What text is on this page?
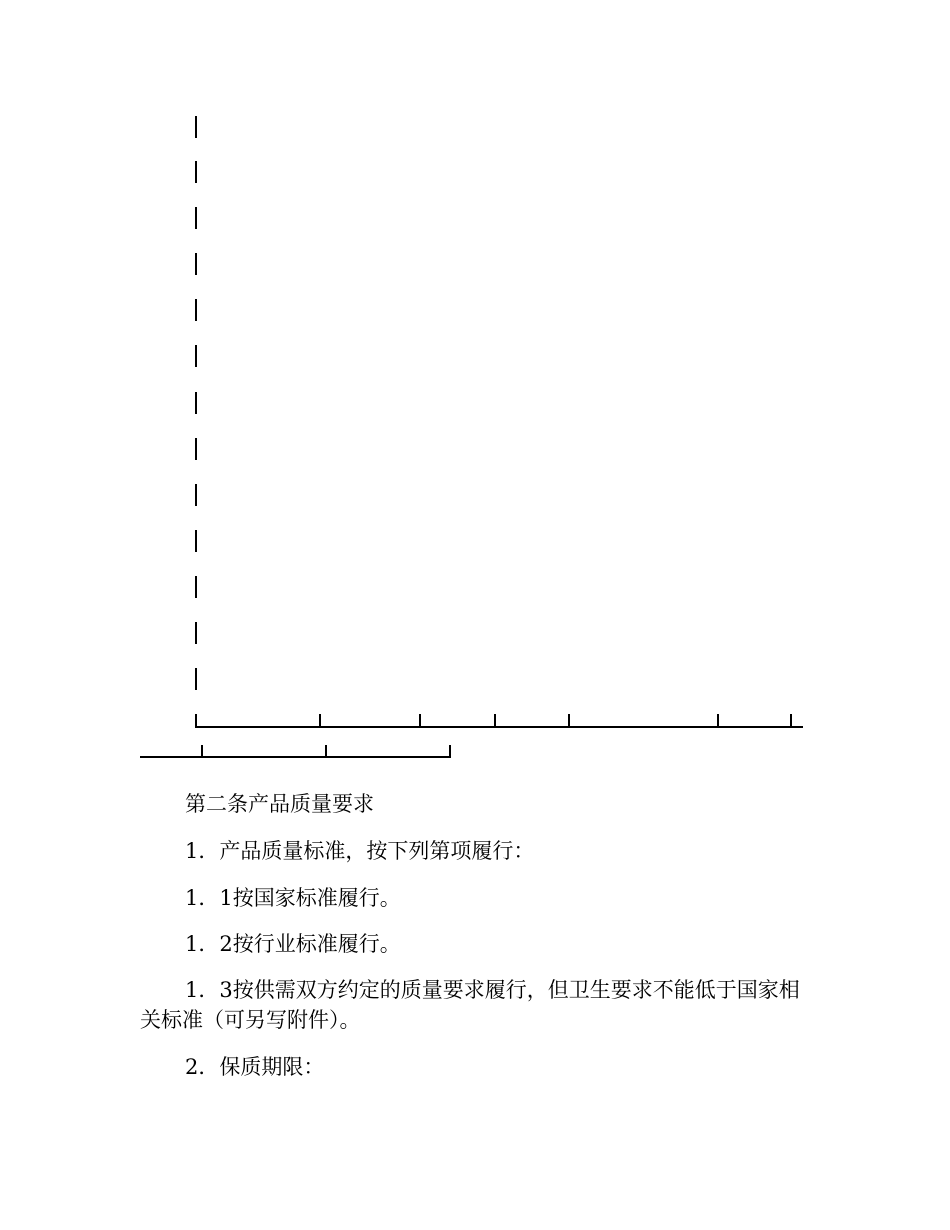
第二条产品质量要求
1．产品质量标准，按下列第项履行：
1．1按国家标准履行。
1．2按行业标准履行。
1．3按供需双方约定的质量要求履行，但卫生要求不能低于国家相关标准（可另写附件）。
2．保质期限：
